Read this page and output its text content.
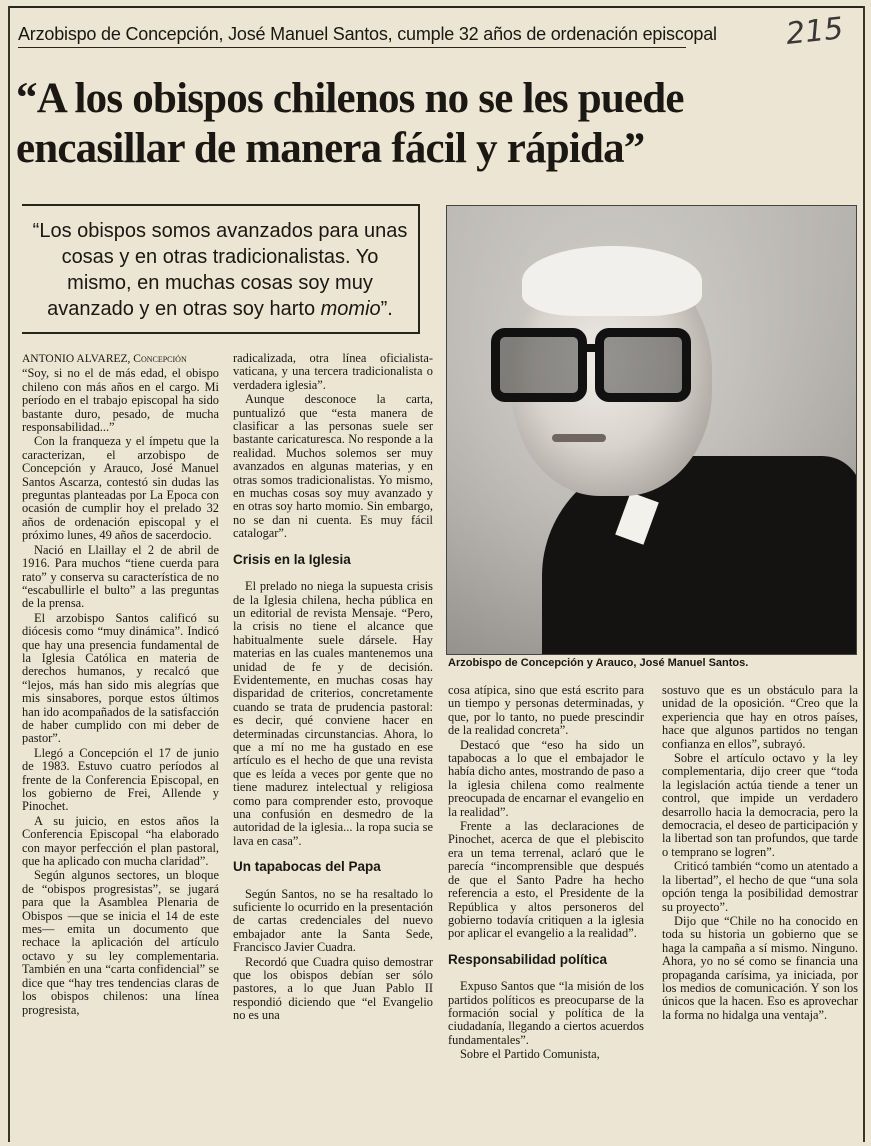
Arzobispo de Concepción, José Manuel Santos, cumple 32 años de ordenación episcopal 215
“A los obispos chilenos no se les puede
encasillar de manera fácil y rápida”
“Los obispos somos avanzados para unas
cosas y en otras tradicionalistas. Yo
mismo, en muchas cosas soy muy
avanzado y en otras soy harto momio”.
Arzobispo de Concepción y Arauco, José Manuel Santos.

ANTONIO ALVAREZ, Concepción

“Soy, si no el de más edad, el obispo chileno con más años en el cargo. Mi período en el trabajo episcopal ha sido bastante duro, pesado, de mucha responsabilidad...”

Con la franqueza y el ímpetu que la caracterizan, el arzobispo de Concepción y Arauco, José Manuel Santos Ascarza, contestó sin dudas las preguntas planteadas por La Epoca con ocasión de cumplir hoy el prelado 32 años de ordenación episcopal y el próximo lunes, 49 años de sacerdocio.

Nació en Llaillay el 2 de abril de 1916. Para muchos “tiene cuerda para rato” y conserva su característica de no “escabullirle el bulto” a las preguntas de la prensa.

El arzobispo Santos calificó su diócesis como “muy dinámica”. Indicó que hay una presencia fundamental de la Iglesia Católica en materia de derechos humanos, y recalcó que “lejos, más han sido mis alegrías que mis sinsabores, porque estos últimos han ido acompañados de la satisfacción de haber cumplido con mi deber de pastor”.

Llegó a Concepción el 17 de junio de 1983. Estuvo cuatro períodos al frente de la Conferencia Episcopal, en los gobierno de Frei, Allende y Pinochet.

A su juicio, en estos años la Conferencia Episcopal “ha elaborado con mayor perfección el plan pastoral, que ha aplicado con mucha claridad”.

Según algunos sectores, un bloque de “obispos progresistas”, se jugará para que la Asamblea Plenaria de Obispos —que se inicia el 14 de este mes— emita un documento que rechace la aplicación del artículo octavo y su ley complementaria. También en una “carta confidencial” se dice que “hay tres tendencias claras de los obispos chilenos: una línea progresista,

radicalizada, otra línea oficialista-vaticana, y una tercera tradicionalista o verdadera iglesia”.

Aunque desconoce la carta, puntualizó que “esta manera de clasificar a las personas suele ser bastante caricaturesca. No responde a la realidad. Muchos solemos ser muy avanzados en algunas materias, y en otras somos tradicionalistas. Yo mismo, en muchas cosas soy muy avanzado y en otras soy harto momio. Sin embargo, no se dan ni cuenta. Es muy fácil catalogar”.

Crisis en la Iglesia

El prelado no niega la supuesta crisis de la Iglesia chilena, hecha pública en un editorial de revista Mensaje. “Pero, la crisis no tiene el alcance que habitualmente suele dársele. Hay materias en las cuales mantenemos una unidad de fe y de decisión. Evidentemente, en muchas cosas hay disparidad de criterios, concretamente cuando se trata de prudencia pastoral: es decir, qué conviene hacer en determinadas circunstancias. Ahora, lo que a mí no me ha gustado en ese artículo es el hecho de que una revista que es leída a veces por gente que no tiene madurez intelectual y religiosa como para comprender esto, provoque una confusión en desmedro de la autoridad de la iglesia... la ropa sucia se lava en casa”.

Un tapabocas del Papa

Según Santos, no se ha resaltado lo suficiente lo ocurrido en la presentación de cartas credenciales del nuevo embajador ante la Santa Sede, Francisco Javier Cuadra.

Recordó que Cuadra quiso demostrar que los obispos debían ser sólo pastores, a lo que Juan Pablo II respondió diciendo que “el Evangelio no es una

cosa atípica, sino que está escrito para un tiempo y personas determinadas, y que, por lo tanto, no puede prescindir de la realidad concreta”.

Destacó que “eso ha sido un tapabocas a lo que el embajador le había dicho antes, mostrando de paso a la iglesia chilena como realmente preocupada de encarnar el evangelio en la realidad”.

Frente a las declaraciones de Pinochet, acerca de que el plebiscito era un tema terrenal, aclaró que le parecía “incomprensible que después de que el Santo Padre ha hecho referencia a esto, el Presidente de la República y altos personeros del gobierno todavía critiquen a la iglesia por aplicar el evangelio a la realidad”.

Responsabilidad política

Expuso Santos que “la misión de los partidos políticos es preocuparse de la formación social y política de la ciudadanía, llegando a ciertos acuerdos fundamentales”.

Sobre el Partido Comunista,

sostuvo que es un obstáculo para la unidad de la oposición. “Creo que la experiencia que hay en otros países, hace que algunos partidos no tengan confianza en ellos”, subrayó.

Sobre el artículo octavo y la ley complementaria, dijo creer que “toda la legislación actúa tiende a tener un control, que impide un verdadero desarrollo hacia la democracia, pero la democracia, el deseo de participación y la libertad son tan profundos, que tarde o temprano se logren”.

Criticó también “como un atentado a la libertad”, el hecho de que “una sola opción tenga la posibilidad demostrar su proyecto”.

Dijo que “Chile no ha conocido en toda su historia un gobierno que se haga la campaña a sí mismo. Ninguno. Ahora, yo no sé como se financia una propaganda carísima, ya iniciada, por los medios de comunicación. Y son los únicos que la hacen. Eso es aprovechar la forma no hidalga una ventaja”.
